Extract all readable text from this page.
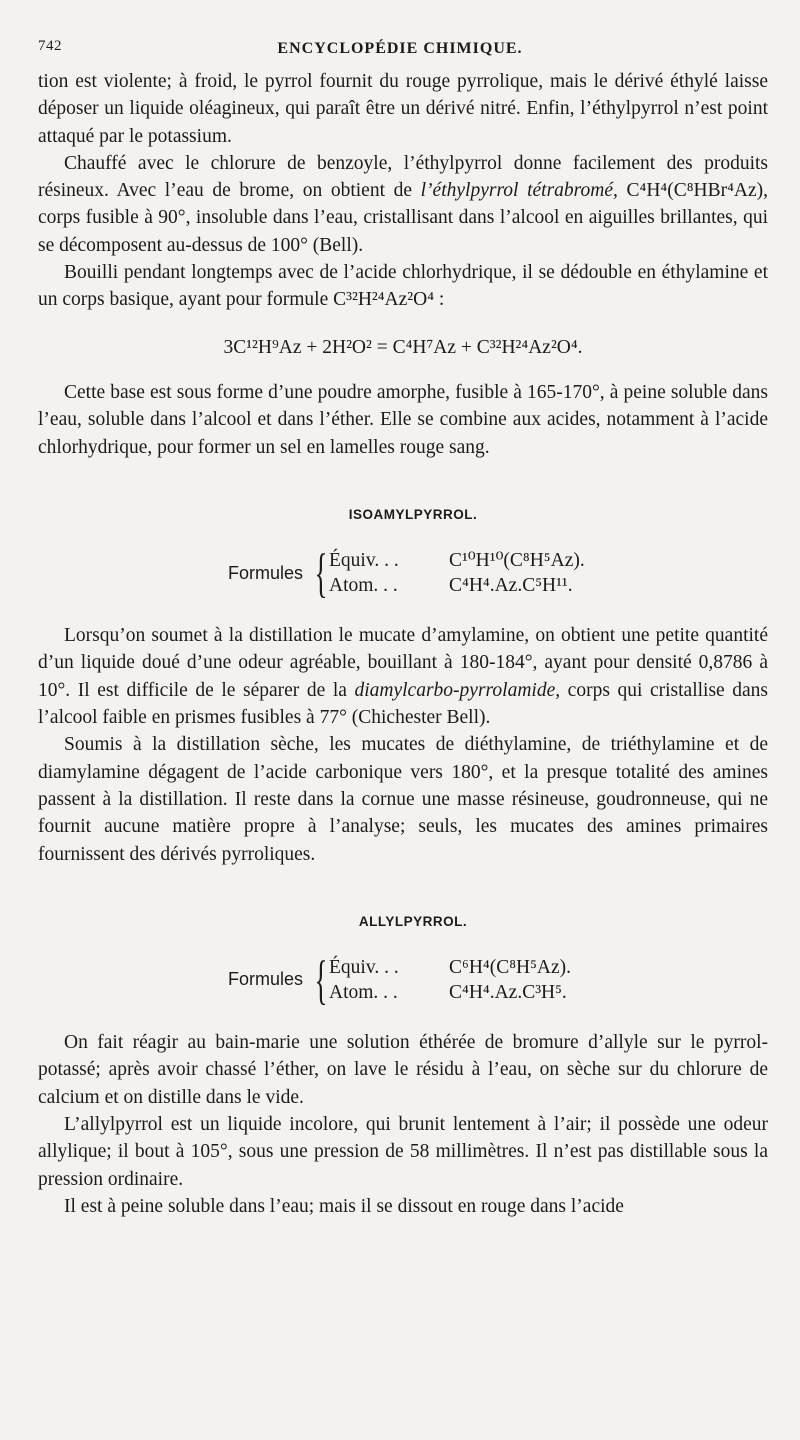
742	ENCYCLOPÉDIE CHIMIQUE.

tion est violente; à froid, le pyrrol fournit du rouge pyrrolique, mais le dérivé éthylé laisse déposer un liquide oléagineux, qui paraît être un dérivé nitré. Enfin, l’éthylpyrrol n’est point attaqué par le potassium.

Chauffé avec le chlorure de benzoyle, l’éthylpyrrol donne facilement des produits résineux. Avec l’eau de brome, on obtient de l’éthylpyrrol tétrabromé, C⁴H⁴(C⁸HBr⁴Az), corps fusible à 90°, insoluble dans l’eau, cristallisant dans l’alcool en aiguilles brillantes, qui se décomposent au-dessus de 100° (Bell).

Bouilli pendant longtemps avec de l’acide chlorhydrique, il se dédouble en éthylamine et un corps basique, ayant pour formule C³²H²⁴Az²O⁴ :

3C¹²H⁹Az + 2H²O² = C⁴H⁷Az + C³²H²⁴Az²O⁴.

Cette base est sous forme d’une poudre amorphe, fusible à 165-170°, à peine soluble dans l’eau, soluble dans l’alcool et dans l’éther. Elle se combine aux acides, notamment à l’acide chlorhydrique, pour former un sel en lamelles rouge sang.

ISOAMYLPYRROL.
Formules { Équiv. . .	C¹⁰H¹⁰(C⁸H⁵Az).
Atom. . .	C⁴H⁴.Az.C⁵H¹¹.

Lorsqu’on soumet à la distillation le mucate d’amylamine, on obtient une petite quantité d’un liquide doué d’une odeur agréable, bouillant à 180-184°, ayant pour densité 0,8786 à 10°. Il est difficile de le séparer de la diamylcarbo-pyrrolamide, corps qui cristallise dans l’alcool faible en prismes fusibles à 77° (Chichester Bell).

Soumis à la distillation sèche, les mucates de diéthylamine, de triéthylamine et de diamylamine dégagent de l’acide carbonique vers 180°, et la presque totalité des amines passent à la distillation. Il reste dans la cornue une masse résineuse, goudronneuse, qui ne fournit aucune matière propre à l’analyse; seuls, les mucates des amines primaires fournissent des dérivés pyrroliques.

ALLYLPYRROL.
Formules { Équiv. . .	C⁶H⁴(C⁸H⁵Az).
Atom. . .	C⁴H⁴.Az.C³H⁵.

On fait réagir au bain-marie une solution éthérée de bromure d’allyle sur le pyrrol-potassé; après avoir chassé l’éther, on lave le résidu à l’eau, on sèche sur du chlorure de calcium et on distille dans le vide.

L’allylpyrrol est un liquide incolore, qui brunit lentement à l’air; il possède une odeur allylique; il bout à 105°, sous une pression de 58 millimètres. Il n’est pas distillable sous la pression ordinaire.

Il est à peine soluble dans l’eau; mais il se dissout en rouge dans l’acide
